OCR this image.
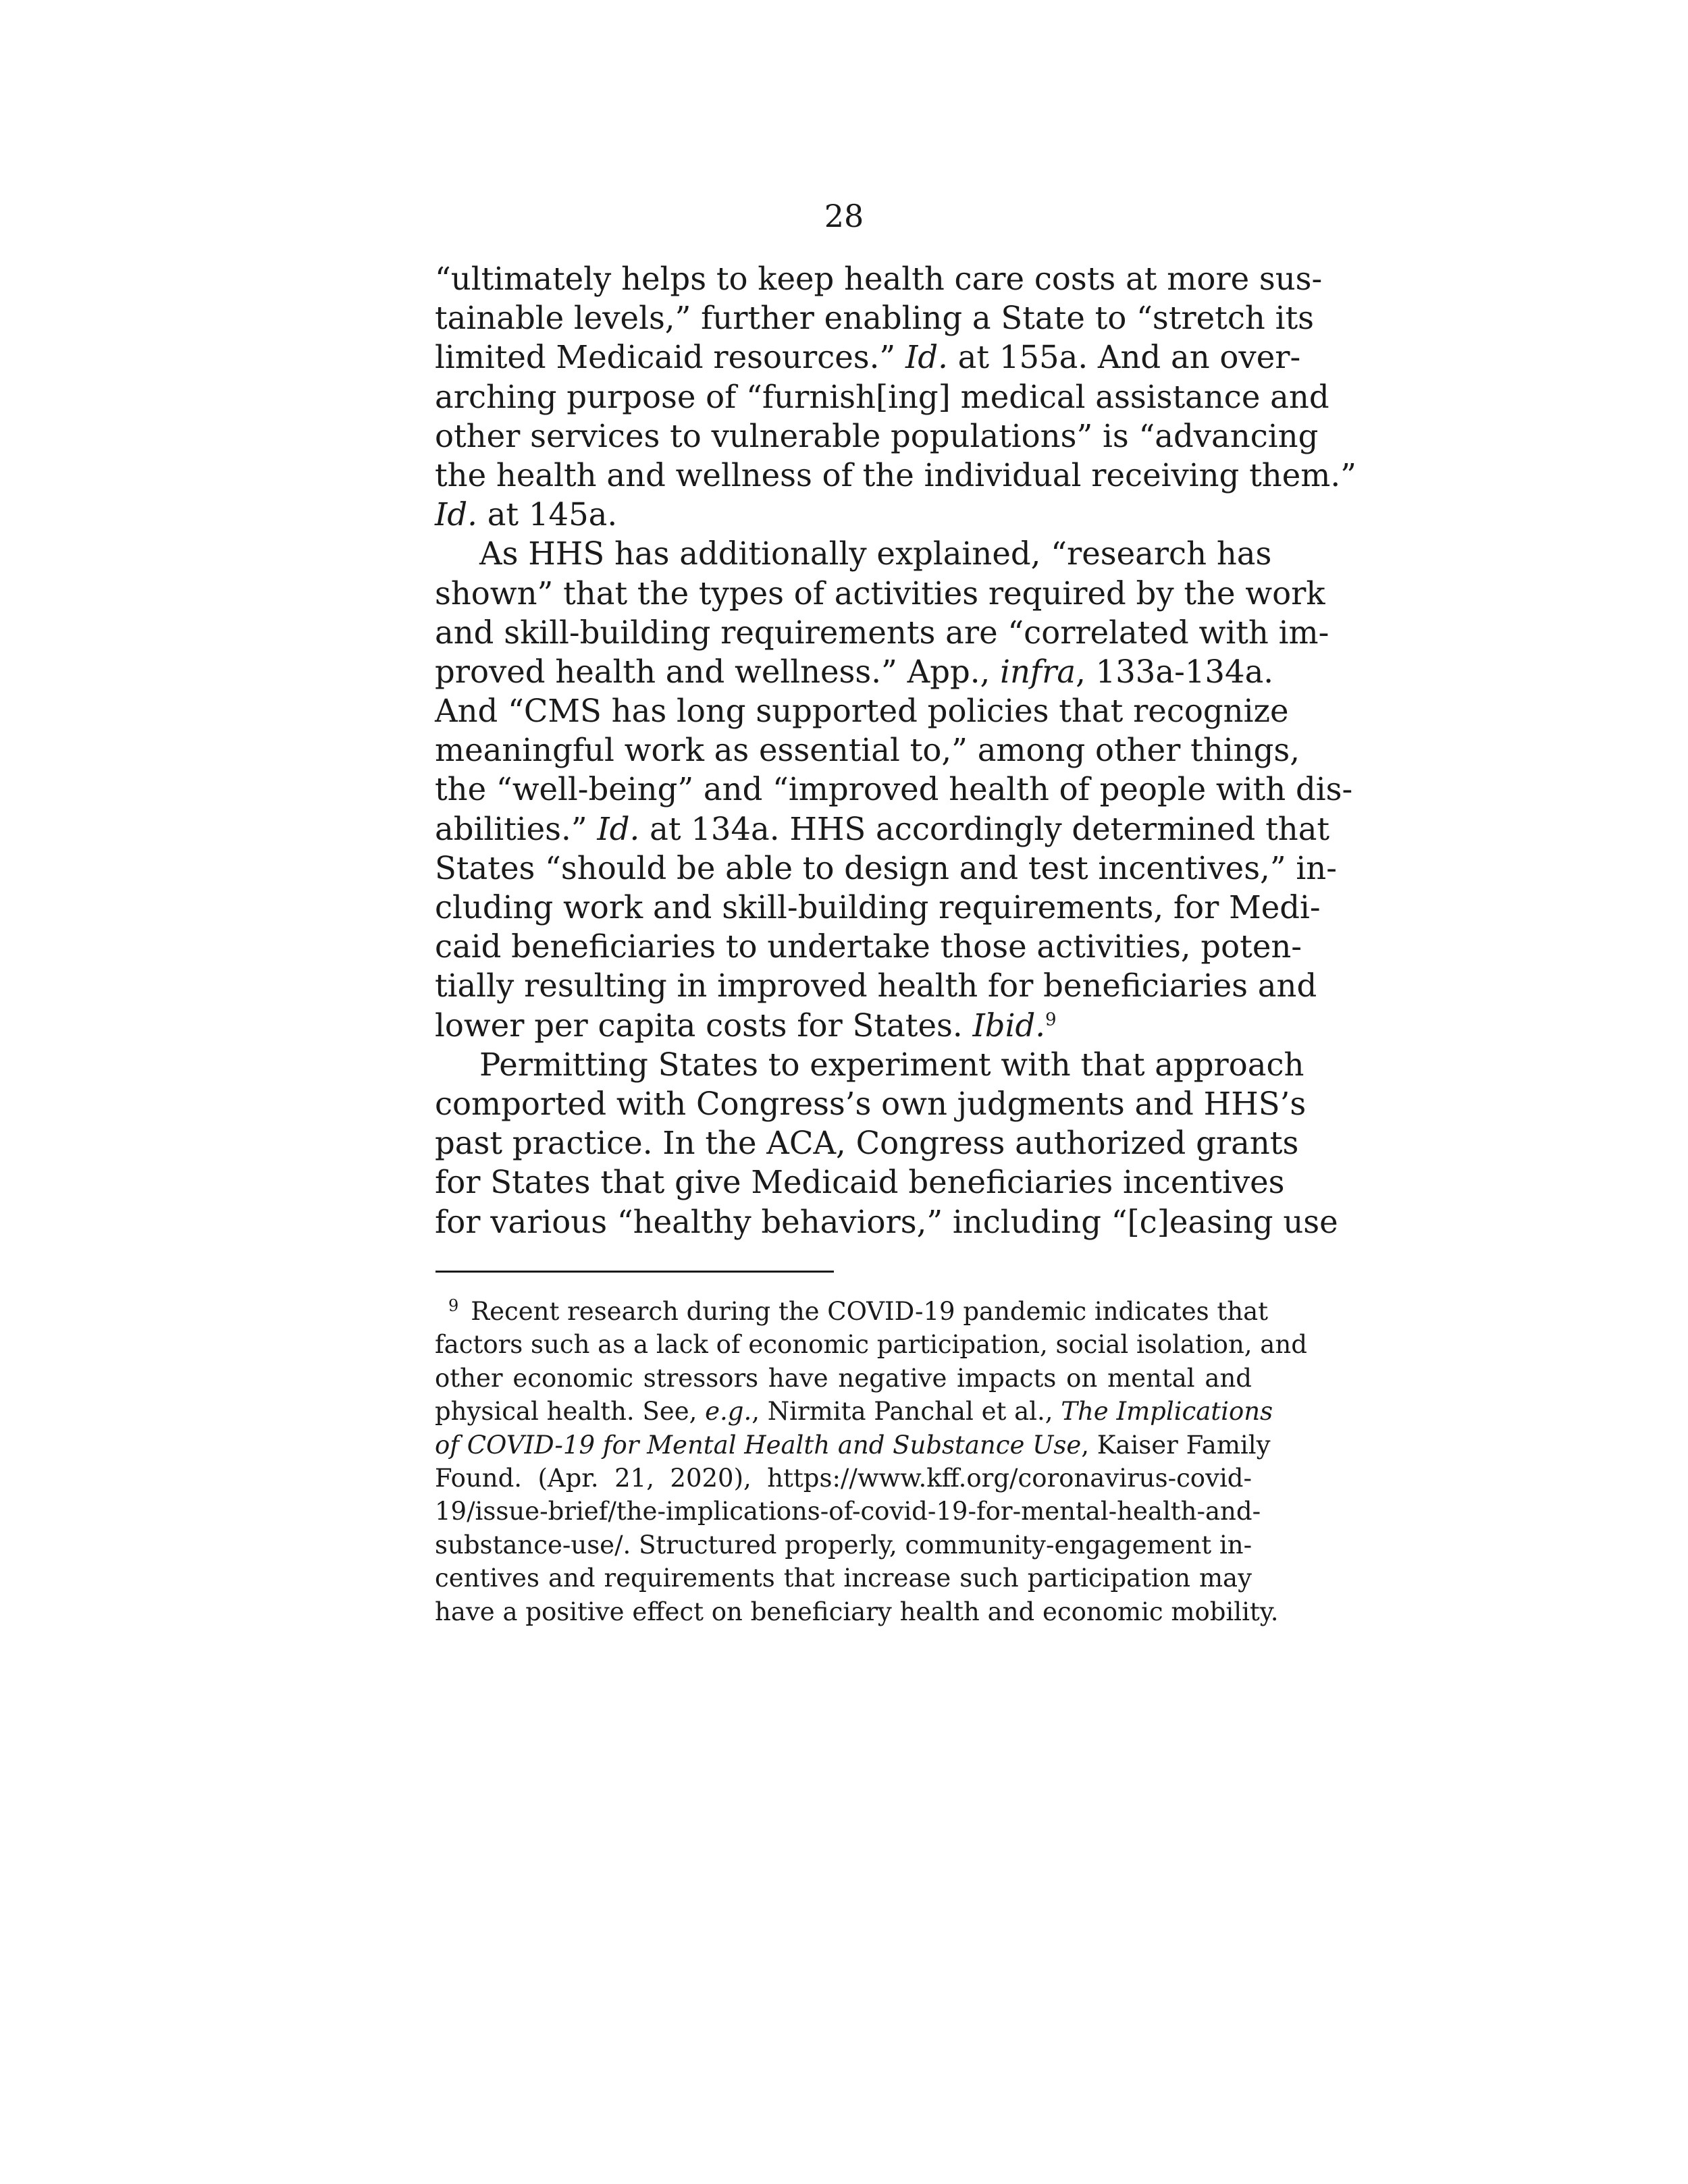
28
“ultimately helps to keep health care costs at more sus-
tainable levels,” further enabling a State to “stretch its
limited Medicaid resources.” Id. at 155a. And an over-
arching purpose of “furnish[ing] medical assistance and
other services to vulnerable populations” is “advancing
the health and wellness of the individual receiving them.”
Id. at 145a.
As HHS has additionally explained, “research has
shown” that the types of activities required by the work
and skill-building requirements are “correlated with im-
proved health and wellness.” App., infra, 133a-134a.
And “CMS has long supported policies that recognize
meaningful work as essential to,” among other things,
the “well-being” and “improved health of people with dis-
abilities.” Id. at 134a. HHS accordingly determined that
States “should be able to design and test incentives,” in-
cluding work and skill-building requirements, for Medi-
caid beneficiaries to undertake those activities, poten-
tially resulting in improved health for beneficiaries and
lower per capita costs for States. Ibid.$^9$
Permitting States to experiment with that approach
comported with Congress’s own judgments and HHS’s
past practice. In the ACA, Congress authorized grants
for States that give Medicaid beneficiaries incentives
for various “healthy behaviors,” including “[c]easing use
$^9$ Recent research during the COVID-19 pandemic indicates that
factors such as a lack of economic participation, social isolation, and
other economic stressors have negative impacts on mental and
physical health. See, e.g., Nirmita Panchal et al., The Implications
of COVID-19 for Mental Health and Substance Use, Kaiser Family
Found. (Apr. 21, 2020), https://www.kff.org/coronavirus-covid-
19/issue-brief/the-implications-of-covid-19-for-mental-health-and-
substance-use/. Structured properly, community-engagement in-
centives and requirements that increase such participation may
have a positive effect on beneficiary health and economic mobility.
